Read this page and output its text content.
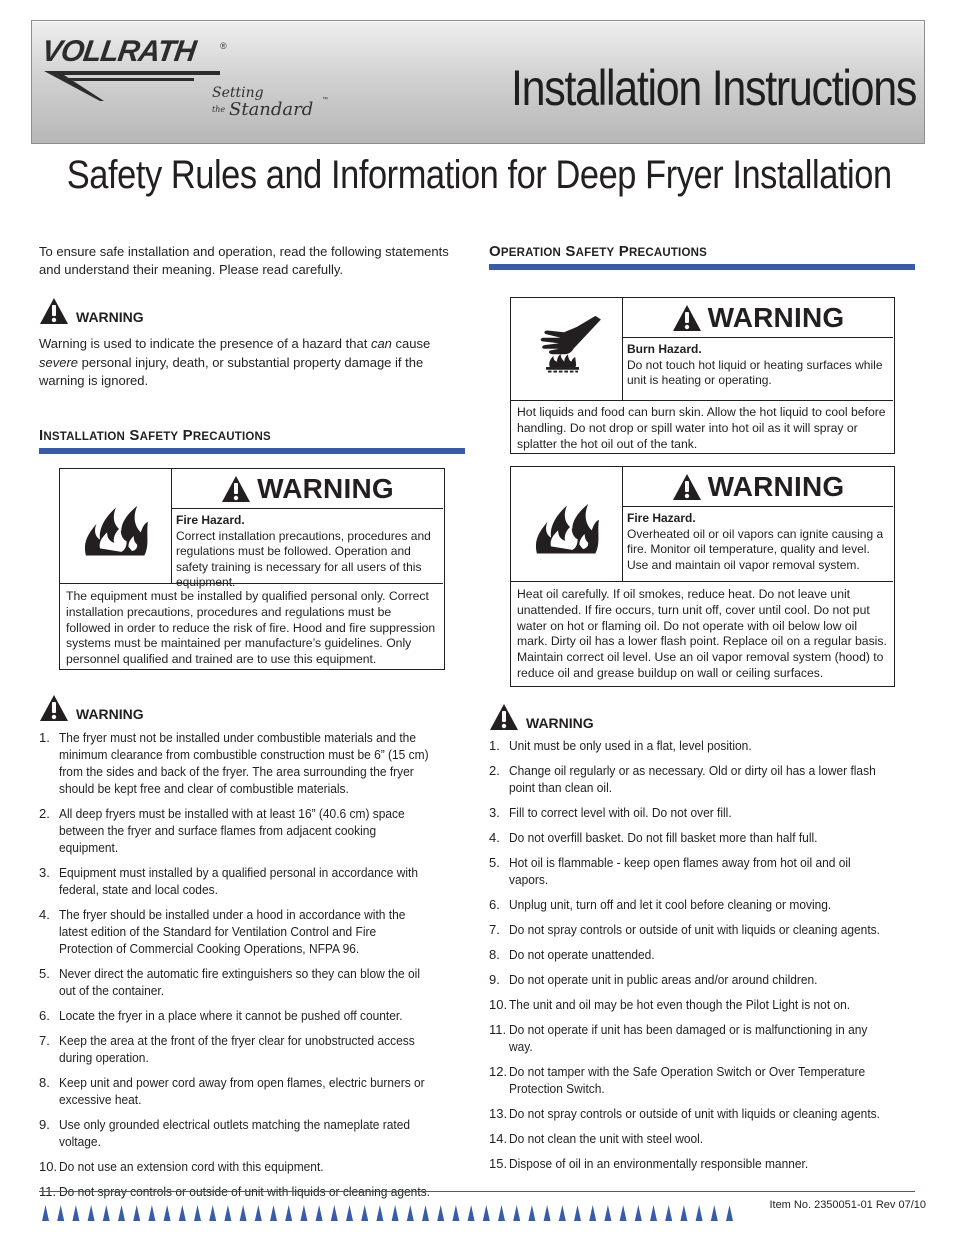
VOLLRATH	®
Setting
the Standard ™	Installation Instructions
Safety Rules and Information for Deep Fryer Installation

To ensure safe installation and operation, read the following statements and understand their meaning. Please read carefully.

WARNING

Warning is used to indicate the presence of a hazard that can cause severe personal injury, death, or substantial property damage if the warning is ignored.

INSTALLATION SAFETY PRECAUTIONS
WARNING
Fire Hazard.
Correct installation precautions, procedures and regulations must be followed. Operation and safety training is necessary for all users of this equipment.
The equipment must be installed by qualified personal only. Correct installation precautions, procedures and regulations must be followed in order to reduce the risk of fire. Hood and fire suppression systems must be maintained per manufacture’s guidelines. Only personnel qualified and trained are to use this equipment.
WARNING
1. The fryer must not be installed under combustible materials and the minimum clearance from combustible construction must be 6” (15 cm) from the sides and back of the fryer. The area surrounding the fryer should be kept free and clear of combustible materials.
2. All deep fryers must be installed with at least 16” (40.6 cm) space between the fryer and surface flames from adjacent cooking equipment.
3. Equipment must installed by a qualified personal in accordance with federal, state and local codes.
4. The fryer should be installed under a hood in accordance with the latest edition of the Standard for Ventilation Control and Fire Protection of Commercial Cooking Operations, NFPA 96.
5. Never direct the automatic fire extinguishers so they can blow the oil out of the container.
6. Locate the fryer in a place where it cannot be pushed off counter.
7. Keep the area at the front of the fryer clear for unobstructed access during operation.
8. Keep unit and power cord away from open flames, electric burners or excessive heat.
9. Use only grounded electrical outlets matching the nameplate rated voltage.
10. Do not use an extension cord with this equipment.
11. Do not spray controls or outside of unit with liquids or cleaning agents.
OPERATION SAFETY PRECAUTIONS
WARNING
Burn Hazard.
Do not touch hot liquid or heating surfaces while unit is heating or operating.
Hot liquids and food can burn skin. Allow the hot liquid to cool before handling. Do not drop or spill water into hot oil as it will spray or splatter the hot oil out of the tank.
WARNING
Fire Hazard.
Overheated oil or oil vapors can ignite causing a fire. Monitor oil temperature, quality and level. Use and maintain oil vapor removal system.
Heat oil carefully. If oil smokes, reduce heat. Do not leave unit unattended. If fire occurs, turn unit off, cover until cool. Do not put water on hot or flaming oil. Do not operate with oil below low oil mark. Dirty oil has a lower flash point. Replace oil on a regular basis. Maintain correct oil level. Use an oil vapor removal system (hood) to reduce oil and grease buildup on wall or ceiling surfaces.
WARNING
1. Unit must be only used in a flat, level position.
2. Change oil regularly or as necessary. Old or dirty oil has a lower flash point than clean oil.
3. Fill to correct level with oil. Do not over fill.
4. Do not overfill basket. Do not fill basket more than half full.
5. Hot oil is flammable - keep open flames away from hot oil and oil vapors.
6. Unplug unit, turn off and let it cool before cleaning or moving.
7. Do not spray controls or outside of unit with liquids or cleaning agents.
8. Do not operate unattended.
9. Do not operate unit in public areas and/or around children.
10. The unit and oil may be hot even though the Pilot Light is not on.
11. Do not operate if unit has been damaged or is malfunctioning in any way.
12. Do not tamper with the Safe Operation Switch or Over Temperature Protection Switch.
13. Do not spray controls or outside of unit with liquids or cleaning agents.
14. Do not clean the unit with steel wool.
15. Dispose of oil in an environmentally responsible manner.
Item No. 2350051-01 Rev 07/10
